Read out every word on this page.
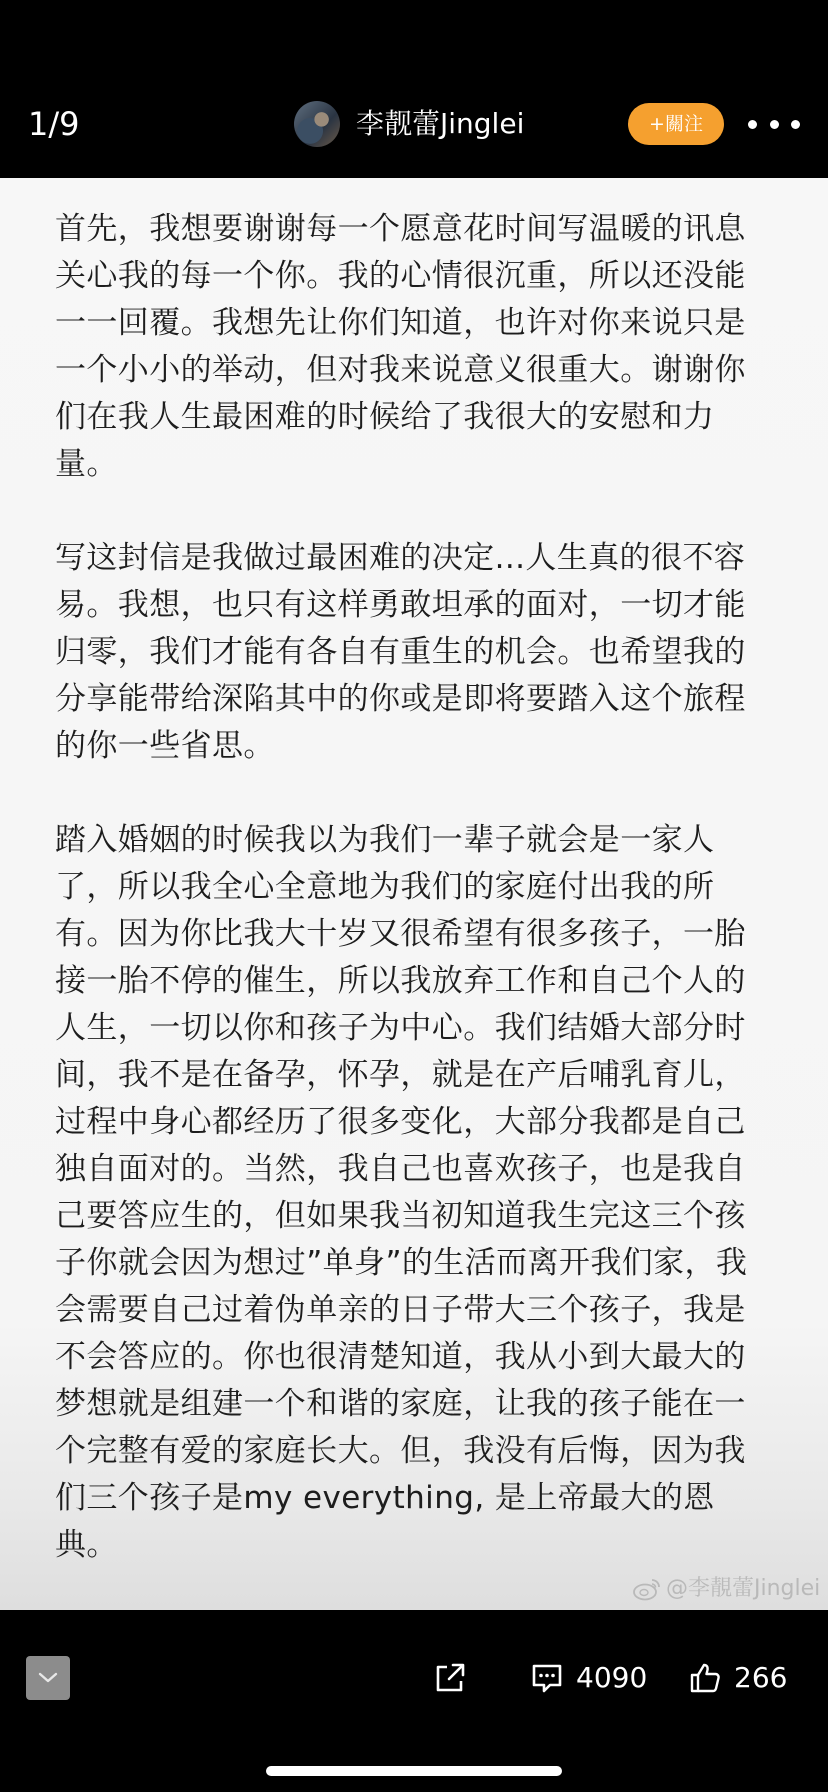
1/9	李靓蕾Jinglei	+關注

首先，我想要谢谢每一个愿意花时间写温暖的讯息关心我的每一个你。我的心情很沉重，所以还没能一一回覆。我想先让你们知道，也许对你来说只是一个小小的举动，但对我来说意义很重大。谢谢你们在我人生最困难的时候给了我很大的安慰和力量。

写这封信是我做过最困难的决定...人生真的很不容易。我想，也只有这样勇敢坦承的面对，一切才能归零，我们才能有各自有重生的机会。也希望我的分享能带给深陷其中的你或是即将要踏入这个旅程的你一些省思。

踏入婚姻的时候我以为我们一辈子就会是一家人了，所以我全心全意地为我们的家庭付出我的所有。因为你比我大十岁又很希望有很多孩子，一胎接一胎不停的催生，所以我放弃工作和自己个人的人生，一切以你和孩子为中心。我们结婚大部分时间，我不是在备孕，怀孕，就是在产后哺乳育儿，过程中身心都经历了很多变化，大部分我都是自己独自面对的。当然，我自己也喜欢孩子，也是我自己要答应生的，但如果我当初知道我生完这三个孩子你就会因为想过”单身”的生活而离开我们家，我会需要自己过着伪单亲的日子带大三个孩子，我是不会答应的。你也很清楚知道，我从小到大最大的梦想就是组建一个和谐的家庭，让我的孩子能在一个完整有爱的家庭长大。但，我没有后悔，因为我们三个孩子是my everything, 是上帝最大的恩典。

@李靚蕾Jinglei
4090	266
